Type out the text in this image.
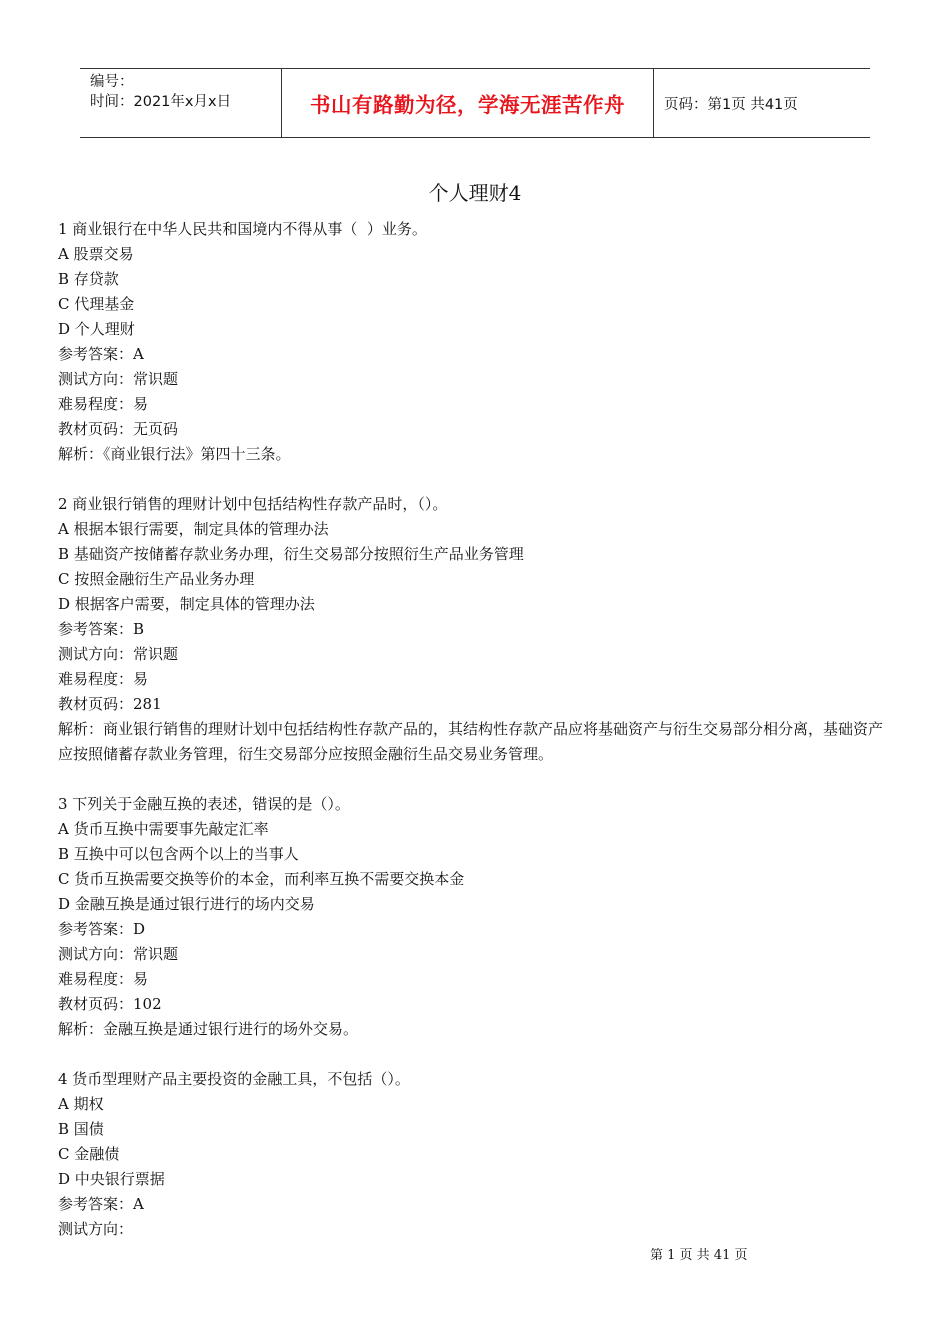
编号：
时间：2021年x月x日	书山有路勤为径，学海无涯苦作舟	页码：第1页 共41页
个人理财4
1 商业银行在中华人民共和国境内不得从事（  ）业务。
A 股票交易
B 存贷款
C 代理基金
D 个人理财
参考答案：A
测试方向：常识题
难易程度：易
教材页码：无页码
解析：《商业银行法》第四十三条。
2 商业银行销售的理财计划中包括结构性存款产品时，（）。
A 根据本银行需要，制定具体的管理办法
B 基础资产按储蓄存款业务办理，衍生交易部分按照衍生产品业务管理
C 按照金融衍生产品业务办理
D 根据客户需要，制定具体的管理办法
参考答案：B
测试方向：常识题
难易程度：易
教材页码：281
解析：商业银行销售的理财计划中包括结构性存款产品的，其结构性存款产品应将基础资产与衍生交易部分相分离，基础资产应按照储蓄存款业务管理，衍生交易部分应按照金融衍生品交易业务管理。
3 下列关于金融互换的表述，错误的是（）。
A 货币互换中需要事先敲定汇率
B 互换中可以包含两个以上的当事人
C 货币互换需要交换等价的本金，而利率互换不需要交换本金
D 金融互换是通过银行进行的场内交易
参考答案：D
测试方向：常识题
难易程度：易
教材页码：102
解析：金融互换是通过银行进行的场外交易。
4 货币型理财产品主要投资的金融工具，不包括（）。
A 期权
B 国债
C 金融债
D 中央银行票据
参考答案：A
测试方向：
第 1 页 共 41 页
